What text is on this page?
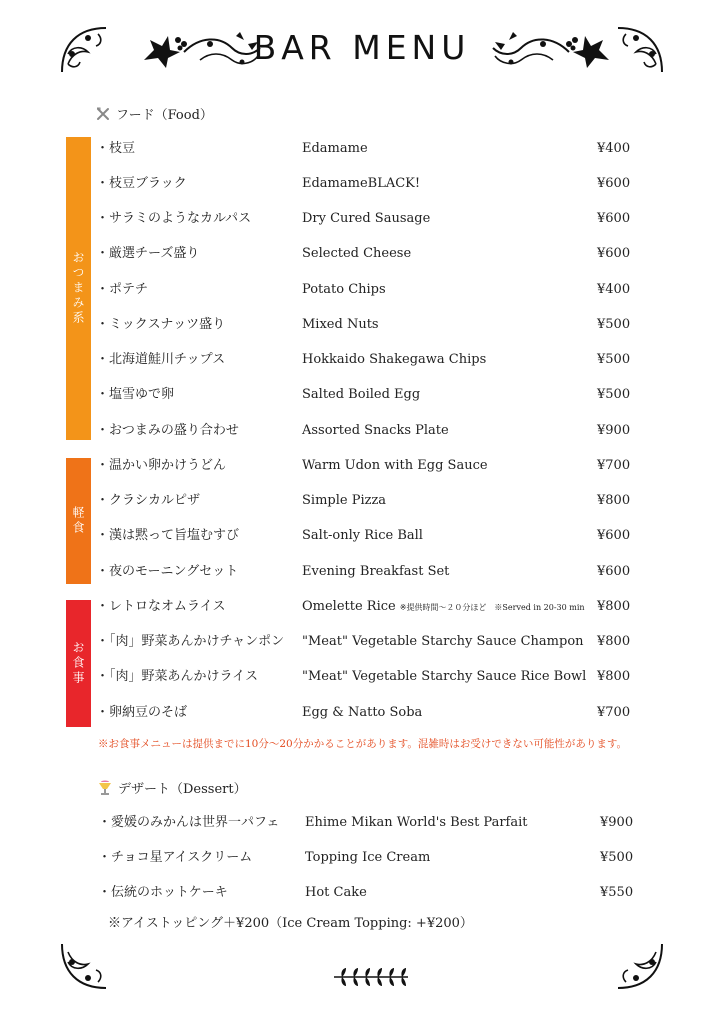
BAR MENU
フード（Food）
おつまみ系
軽食
お食事
・枝豆	Edamame	¥400
・枝豆ブラック	EdamameBLACK!	¥600
・サラミのようなカルパス	Dry Cured Sausage	¥600
・厳選チーズ盛り	Selected Cheese	¥600
・ポテチ	Potato Chips	¥400
・ミックスナッツ盛り	Mixed Nuts	¥500
・北海道鮭川チップス	Hokkaido Shakegawa Chips	¥500
・塩雪ゆで卵	Salted Boiled Egg	¥500
・おつまみの盛り合わせ	Assorted Snacks Plate	¥900
・温かい卵かけうどん	Warm Udon with Egg Sauce	¥700
・クラシカルピザ	Simple Pizza	¥800
・漢は黙って旨塩むすび	Salt-only Rice Ball	¥600
・夜のモーニングセット	Evening Breakfast Set	¥600
・レトロなオムライス	Omelette Rice ※提供時間～２０分ほど　※Served in 20-30 min ¥800
・「肉」野菜あんかけチャンポン "Meat" Vegetable Starchy Sauce Champon ¥800
・「肉」野菜あんかけライス	"Meat" Vegetable Starchy Sauce Rice Bowl ¥800
・卵納豆のそば	Egg & Natto Soba	¥700
※お食事メニューは提供までに10分～20分かかることがあります。混雑時はお受けできない可能性があります。
デザート（Dessert）
・愛媛のみかんは世界一パフェ Ehime Mikan World's Best Parfait	¥900
・チョコ星アイスクリーム	Topping Ice Cream	¥500
・伝統のホットケーキ	Hot Cake	¥550
※アイストッピング＋¥200（Ice Cream Topping: +¥200）
